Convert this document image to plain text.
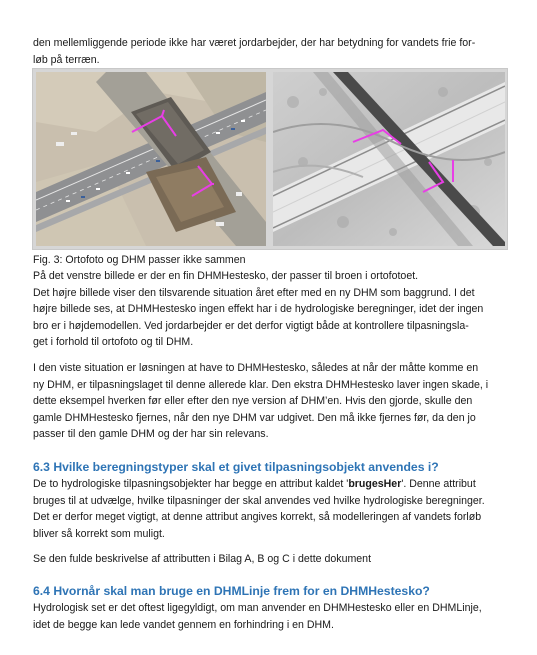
den mellemliggende periode ikke har været jordarbejder, der har betydning for vandets frie for-
løb på terræn.

Fig. 3: Ortofoto og DHM passer ikke sammen

På det venstre billede er der en fin DHMHestesko, der passer til broen i ortofotoet.
Det højre billede viser den tilsvarende situation året efter med en ny DHM som baggrund. I det
højre billede ses, at DHMHestesko ingen effekt har i de hydrologiske beregninger, idet der ingen
bro er i højdemodellen. Ved jordarbejder er det derfor vigtigt både at kontrollere tilpasningsla-
get i forhold til ortofoto og til DHM.

I den viste situation er løsningen at have to DHMHestesko, således at når der måtte komme en
ny DHM, er tilpasningslaget til denne allerede klar. Den ekstra DHMHestesko laver ingen skade, i
dette eksempel hverken før eller efter den nye version af DHM’en. Hvis den gjorde, skulle den
gamle DHMHestesko fjernes, når den nye DHM var udgivet. Den må ikke fjernes før, da den jo
passer til den gamle DHM og der har sin relevans.

6.3 Hvilke beregningstyper skal et givet tilpasningsobjekt anvendes i?

De to hydrologiske tilpasningsobjekter har begge en attribut kaldet 'brugesHer'. Denne attribut
bruges til at udvælge, hvilke tilpasninger der skal anvendes ved hvilke hydrologiske beregninger.
Det er derfor meget vigtigt, at denne attribut angives korrekt, så modelleringen af vandets forløb
bliver så korrekt som muligt.

Se den fulde beskrivelse af attributten i Bilag A, B og C i dette dokument

6.4 Hvornår skal man bruge en DHMLinje frem for en DHMHestesko?

Hydrologisk set er det oftest ligegyldigt, om man anvender en DHMHestesko eller en DHMLinje,
idet de begge kan lede vandet gennem en forhindring i en DHM.
